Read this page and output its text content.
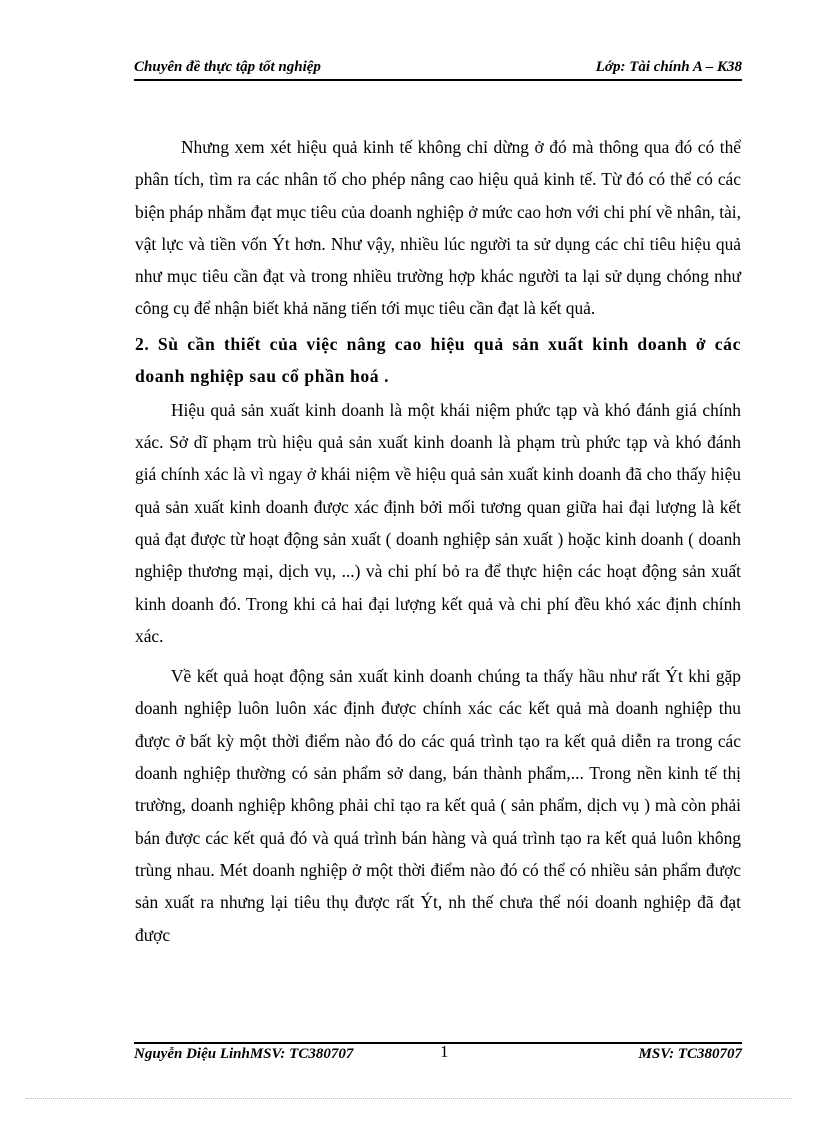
Chuyên đề thực tập tốt nghiệp	Lớp: Tài chính A – K38

Nhưng xem xét hiệu quả kinh tế không chỉ dừng ở đó mà thông qua đó có thể phân tích, tìm ra các nhân tố cho phép nâng cao hiệu quả kinh tế. Từ đó có thể có các biện pháp nhằm đạt mục tiêu của doanh nghiệp ở mức cao hơn với chi phí về nhân, tài, vật lực và tiền vốn Ýt hơn. Như vậy, nhiều lúc người ta sử dụng các chỉ tiêu hiệu quả như mục tiêu cần đạt và trong nhiều trường hợp khác người ta lại sử dụng chóng như công cụ để nhận biết khả năng tiến tới mục tiêu cần đạt là kết quả.

2. Sù cần thiết của việc nâng cao hiệu quả sản xuất kinh doanh ở các doanh nghiệp sau cổ phần hoá .

Hiệu quả sản xuất kinh doanh là một khái niệm phức tạp và khó đánh giá chính xác. Sở dĩ phạm trù hiệu quả sản xuất kinh doanh là phạm trù phức tạp và khó đánh giá chính xác là vì ngay ở khái niệm về hiệu quả sản xuất kinh doanh đã cho thấy hiệu quả sản xuất kinh doanh được xác định bởi mối tương quan giữa hai đại lượng là kết quả đạt được từ hoạt động sản xuất ( doanh nghiệp sản xuất ) hoặc kinh doanh ( doanh nghiệp thương mại, dịch vụ, ...) và chi phí bỏ ra để thực hiện các hoạt động sản xuất kinh doanh đó. Trong khi cả hai đại lượng kết quả và chi phí đều khó xác định chính xác.

Về kết quả hoạt động sản xuất kinh doanh chúng ta thấy hầu như rất Ýt khi gặp doanh nghiệp luôn luôn xác định được chính xác các kết quả mà doanh nghiệp thu được ở bất kỳ một thời điểm nào đó do các quá trình tạo ra kết quả diễn ra trong các doanh nghiệp thường có sản phẩm sở dang, bán thành phẩm,... Trong nền kinh tế thị trường, doanh nghiệp không phải chỉ tạo ra kết quả ( sản phẩm, dịch vụ ) mà còn phải bán được các kết quả đó và quá trình bán hàng và quá trình tạo ra kết quả luôn không trùng nhau. Mét doanh nghiệp ở một thời điểm nào đó có thể có nhiều sản phẩm được sản xuất ra nhưng lại tiêu thụ được rất Ýt, nh thế chưa thể nói doanh nghiệp đã đạt được

Nguyễn Diệu LinhMSV: TC380707	1	MSV: TC380707
